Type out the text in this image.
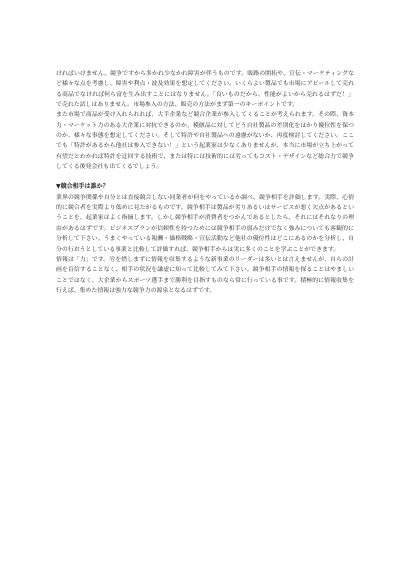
ければいけません。競争ですから多かれ少なかれ障害が伴うものです。販路の開拓や、宣伝・マーケティングなど様々な点を考慮し、障害や利点・波及効果を想定してください。いくらよい製品でも市場にアピールして売れる商品でなければ何ら富を生み出すことにはなりません。「良いものだから、性能がよいから売れるはずだ！」で売れた試しはありません。市場参入の方法、販売の方法がまず第一のキーポイントです。

また市場で商品が受け入れられれば、大手企業など競合企業が参入してくることが考えられます。その際、資本力・マーケット力のある大企業に対抗できるのか、模倣品に対してどう自社製品の差別化をはかり優位性を保つのか、様々な事態を想定してください。そして特許や自社製品への遠慮がないか、再度検討してください。ここでも「特許があるから他社は参入できない！」という起業家は少なくありませんが、本当に市場が立ち上がって有望だとわかれば特許を迂回する技術で、または特には技術的には劣ってもコスト・デザインなど総合力で競争してくる後発会社も出てくるでしょう。

▼競合相手は誰か？

業界の競争関係や自分とは直接競合しない同業者が何をやっているか調べ、競争相手を評価します。実際、心情的に競合者を実際より低めに見たがるものです。競争相手は製品が劣りあるいはサービスが悪く欠点があるということを、起業家はよく指摘します。しかし競争相手が消費者をつかんであるとしたら、それにはそれなりの理由があるはずです。ビジネスプランが信頼性を持つためには競争相手の弱みだけでなく強みについても客観的に分析して下さい。うまくやっている報酬・価格戦略・宣伝活動など他社の優位性はどこにあるのかを分析し、自分の行おうとしている事業と比較して評価すれば、競争相手からは実に多くのことを学ぶことができます。

情報は「力」です。労を惜しまずに情報を収集するような新事業のリーダーは多いとは言えませんが、自らの計画を盲信することなく、相手の状況を謙虚に知って比較してみて下さい。競争相手の情報を探ることはやましいことではなく、大企業からスポーツ選手まで勝利を目指すものなら常に行っている事です。積極的に情報収集を行えば、集めた情報は強力な競争力の源泉となるはずです。
